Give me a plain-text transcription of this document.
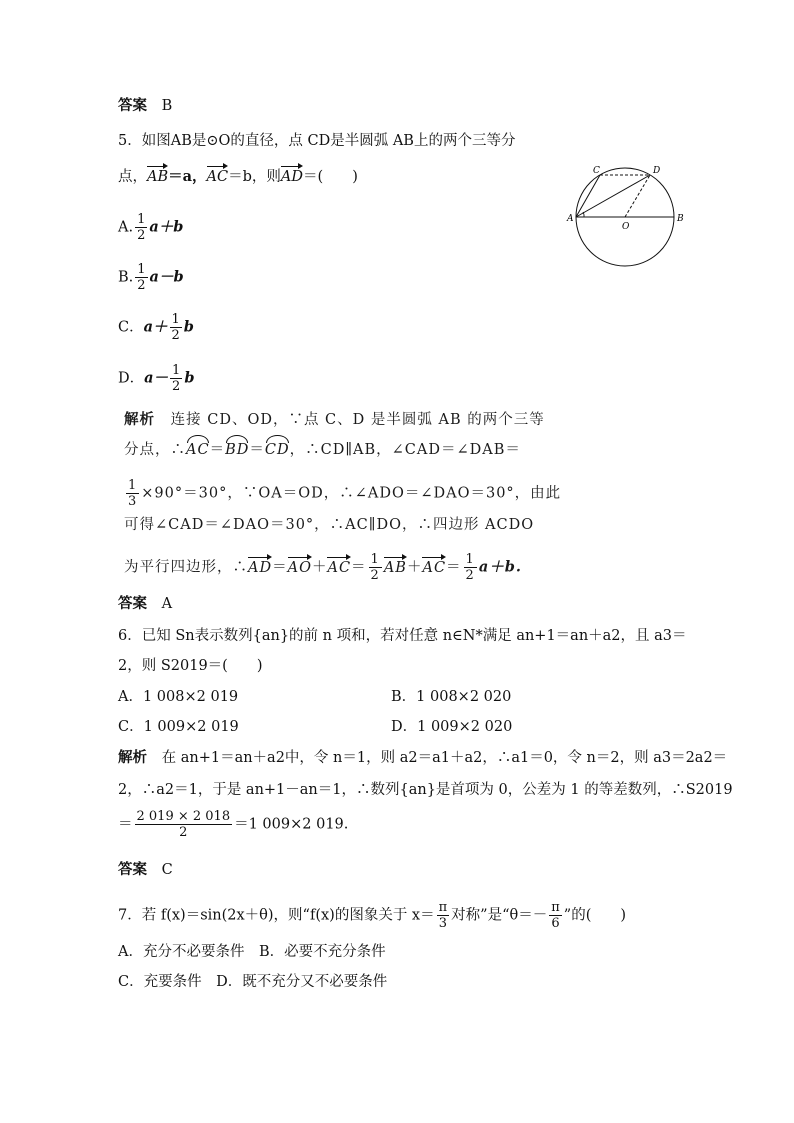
答案 B
5．如图AB是⊙O的直径，点 CD是半圆弧 AB上的两个三等分
点，AB＝a，AC＝b，则AD＝(　　)	C	D
A	B
O
A. $\frac{1}{2} a+b$
B. $\frac{1}{2} a-b$
C．$a+ \frac{1}{2}$ b
D．$a- \frac{1}{2}$ b
解析 连接 CD、OD，∵点 C、D 是半圆弧 AB 的两个三等
分点，∴AC＝BD＝CD，∴CD∥AB，∠CAD＝∠DAB＝
$\frac{1}{3} \times 90^\circ=30^\circ$，∵OA＝OD，∴∠ADO＝∠DAO＝30°，由此
可得∠CAD＝∠DAO＝30°，∴AC∥DO，∴四边形 ACDO
为平行四边形，∴AD＝AO＋AC＝ $\frac{1}{2} AB+AC= \frac{1}{2} a+b$.
答案 A
6．已知 Sn表示数列{an}的前 n 项和，若对任意 n∈N*满足 an+1＝an＋a2，且 a3＝
2，则 S2019＝(　　)
A．1 008×2 019	B．1 008×2 020
C．1 009×2 019	D．1 009×2 020
解析 在 an+1＝an＋a2中，令 n＝1，则 a2＝a1＋a2，∴a1＝0，令 n＝2，则 a3＝2a2＝
2，∴a2＝1，于是 an+1－an＝1，∴数列{an}是首项为 0，公差为 1 的等差数列，∴S2019
＝ $\frac{2 019 \times 2 018}{2} =1$ 009×2 019.
答案 C
7．若 f(x)＝sin(2x＋θ)，则“f(x)的图象关于 $x= \frac{\pi}{3}$ 对称”是“$\theta=- \frac{\pi}{6}$ ”的(　　)
A．充分不必要条件　B．必要不充分条件
C．充要条件　D．既不充分又不必要条件
